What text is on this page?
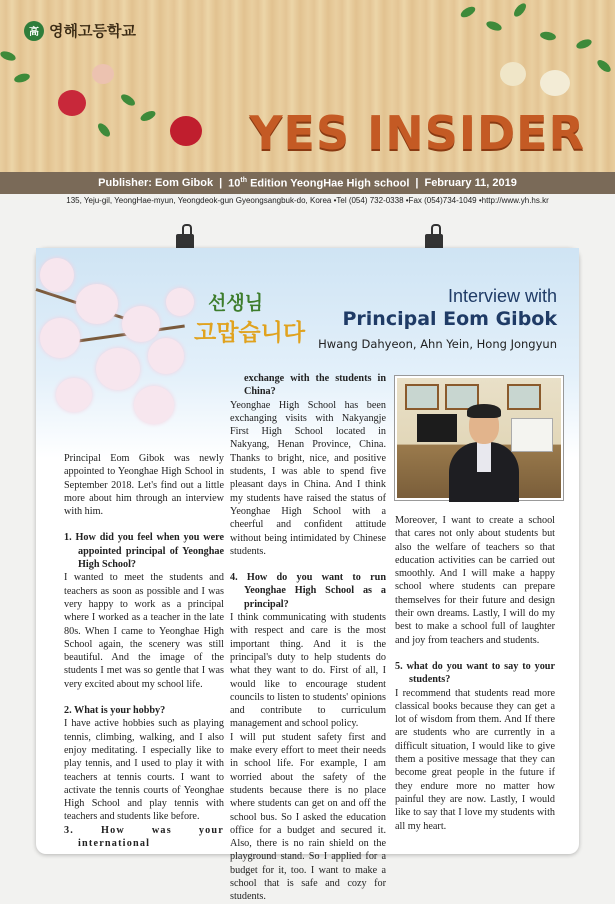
高 영해고등학교
YES INSIDER
Publisher: Eom Gibok | 10th Edition YeongHae High school | February 11, 2019
135, Yeju-gil, YeongHae-myun, Yeongdeok-gun Gyeongsangbuk-do, Korea •Tel (054) 732-0338 •Fax (054)734-1049 •http://www.yh.hs.kr
선생님
고맙습니다
Interview with
Principal Eom Gibok
Hwang Dahyeon, Ahn Yein, Hong Jongyun

Principal Eom Gibok was newly appointed to Yeonghae High School in September 2018. Let's find out a little more about him through an interview with him.

1. How did you feel when you were appointed principal of Yeonghae High School?

I wanted to meet the students and teachers as soon as possible and I was very happy to work as a principal where I worked as a teacher in the late 80s. When I came to Yeonghae High School again, the scenery was still beautiful. And the image of the students I met was so gentle that I was very excited about my school life.

2. What is your hobby?

I have active hobbies such as playing tennis, climbing, walking, and I also enjoy meditating. I especially like to play tennis, and I used to play it with teachers at tennis courts. I want to activate the tennis courts of Yeonghae High School and play tennis with teachers and students like before.

3. How was your international

exchange with the students in China?

Yeonghae High School has been exchanging visits with Nakyangje First High School located in Nakyang, Henan Province, China. Thanks to bright, nice, and positive students, I was able to spend five pleasant days in China. And I think my students have raised the status of Yeonghae High School with a cheerful and confident attitude without being intimidated by Chinese students.

4. How do you want to run Yeonghae High School as a principal?

I think communicating with students with respect and care is the most important thing. And it is the principal's duty to help students do what they want to do. First of all, I would like to encourage student councils to listen to students' opinions and contribute to curriculum management and school policy.

I will put student safety first and make every effort to meet their needs in school life. For example, I am worried about the safety of the students because there is no place where students can get on and off the school bus. So I asked the education office for a budget and secured it. Also, there is no rain shield on the playground stand. So I applied for a budget for it, too. I want to make a school that is safe and cozy for students.

Moreover, I want to create a school that cares not only about students but also the welfare of teachers so that education activities can be carried out smoothly. And I will make a happy school where students can prepare themselves for their future and design their own dreams. Lastly, I will do my best to make a school full of laughter and joy from teachers and students.

5. what do you want to say to your students?

I recommend that students read more classical books because they can get a lot of wisdom from them. And If there are students who are currently in a difficult situation, I would like to give them a positive message that they can become great people in the future if they endure more no matter how painful they are now. Lastly, I would like to say that I love my students with all my heart.
